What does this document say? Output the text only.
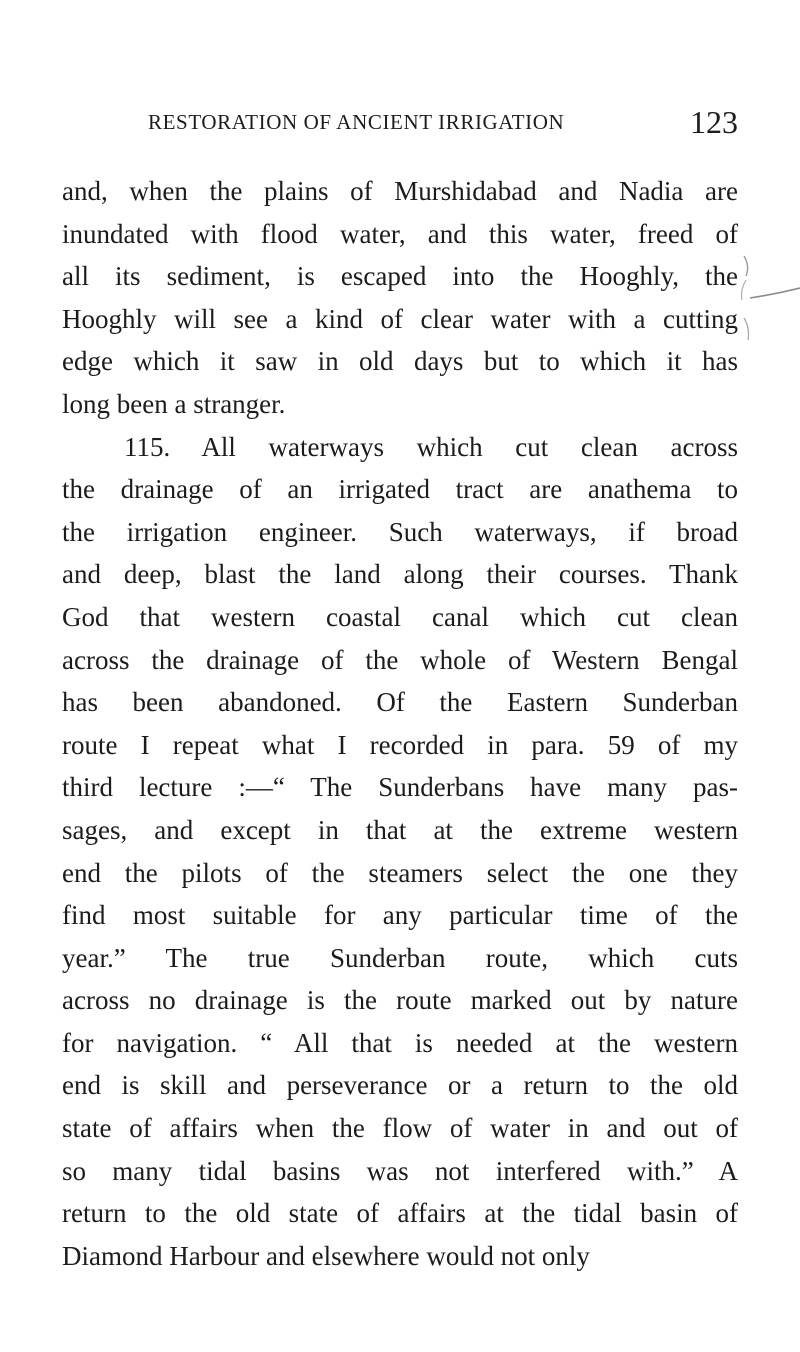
RESTORATION OF ANCIENT IRRIGATION	123
and, when the plains of Murshidabad and Nadia are
inundated with flood water, and this water, freed of
all its sediment, is escaped into the Hooghly, the
Hooghly will see a kind of clear water with a cutting
edge which it saw in old days but to which it has
long been a stranger.
115. All waterways which cut clean across
the drainage of an irrigated tract are anathema to
the irrigation engineer. Such waterways, if broad
and deep, blast the land along their courses. Thank
God that western coastal canal which cut clean
across the drainage of the whole of Western Bengal
has been abandoned. Of the Eastern Sunderban
route I repeat what I recorded in para. 59 of my
third lecture :—“ The Sunderbans have many pas-
sages, and except in that at the extreme western
end the pilots of the steamers select the one they
find most suitable for any particular time of the
year.” The true Sunderban route, which cuts
across no drainage is the route marked out by nature
for navigation. “ All that is needed at the western
end is skill and perseverance or a return to the old
state of affairs when the flow of water in and out of
so many tidal basins was not interfered with.” A
return to the old state of affairs at the tidal basin of
Diamond Harbour and elsewhere would not only
